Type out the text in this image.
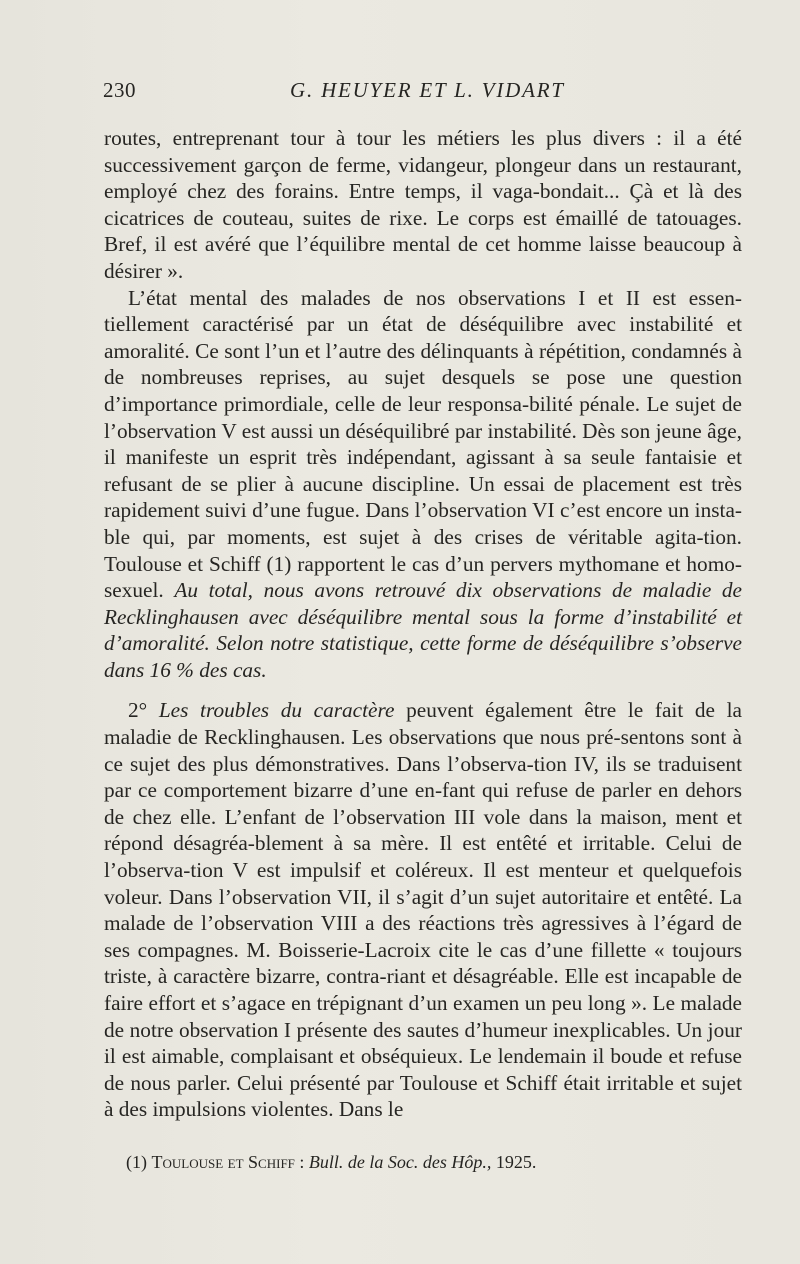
230	G. HEUYER ET L. VIDART

routes, entreprenant tour à tour les métiers les plus divers : il a été successivement garçon de ferme, vidangeur, plongeur dans un restaurant, employé chez des forains. Entre temps, il vaga-bondait... Çà et là des cicatrices de couteau, suites de rixe. Le corps est émaillé de tatouages. Bref, il est avéré que l’équilibre mental de cet homme laisse beaucoup à désirer ».

L’état mental des malades de nos observations I et II est essen-tiellement caractérisé par un état de déséquilibre avec instabilité et amoralité. Ce sont l’un et l’autre des délinquants à répétition, condamnés à de nombreuses reprises, au sujet desquels se pose une question d’importance primordiale, celle de leur responsa-bilité pénale. Le sujet de l’observation V est aussi un déséquilibré par instabilité. Dès son jeune âge, il manifeste un esprit très indépendant, agissant à sa seule fantaisie et refusant de se plier à aucune discipline. Un essai de placement est très rapidement suivi d’une fugue. Dans l’observation VI c’est encore un insta-ble qui, par moments, est sujet à des crises de véritable agita-tion. Toulouse et Schiff (1) rapportent le cas d’un pervers mythomane et homo-sexuel. Au total, nous avons retrouvé dix observations de maladie de Recklinghausen avec déséquilibre mental sous la forme d’instabilité et d’amoralité. Selon notre statistique, cette forme de déséquilibre s’observe dans 16 % des cas.

2° Les troubles du caractère peuvent également être le fait de la maladie de Recklinghausen. Les observations que nous pré-sentons sont à ce sujet des plus démonstratives. Dans l’observa-tion IV, ils se traduisent par ce comportement bizarre d’une en-fant qui refuse de parler en dehors de chez elle. L’enfant de l’observation III vole dans la maison, ment et répond désagréa-blement à sa mère. Il est entêté et irritable. Celui de l’observa-tion V est impulsif et coléreux. Il est menteur et quelquefois voleur. Dans l’observation VII, il s’agit d’un sujet autoritaire et entêté. La malade de l’observation VIII a des réactions très agressives à l’égard de ses compagnes. M. Boisserie-Lacroix cite le cas d’une fillette « toujours triste, à caractère bizarre, contra-riant et désagréable. Elle est incapable de faire effort et s’agace en trépignant d’un examen un peu long ». Le malade de notre observation I présente des sautes d’humeur inexplicables. Un jour il est aimable, complaisant et obséquieux. Le lendemain il boude et refuse de nous parler. Celui présenté par Toulouse et Schiff était irritable et sujet à des impulsions violentes. Dans le

(1) Toulouse et Schiff : Bull. de la Soc. des Hôp., 1925.
